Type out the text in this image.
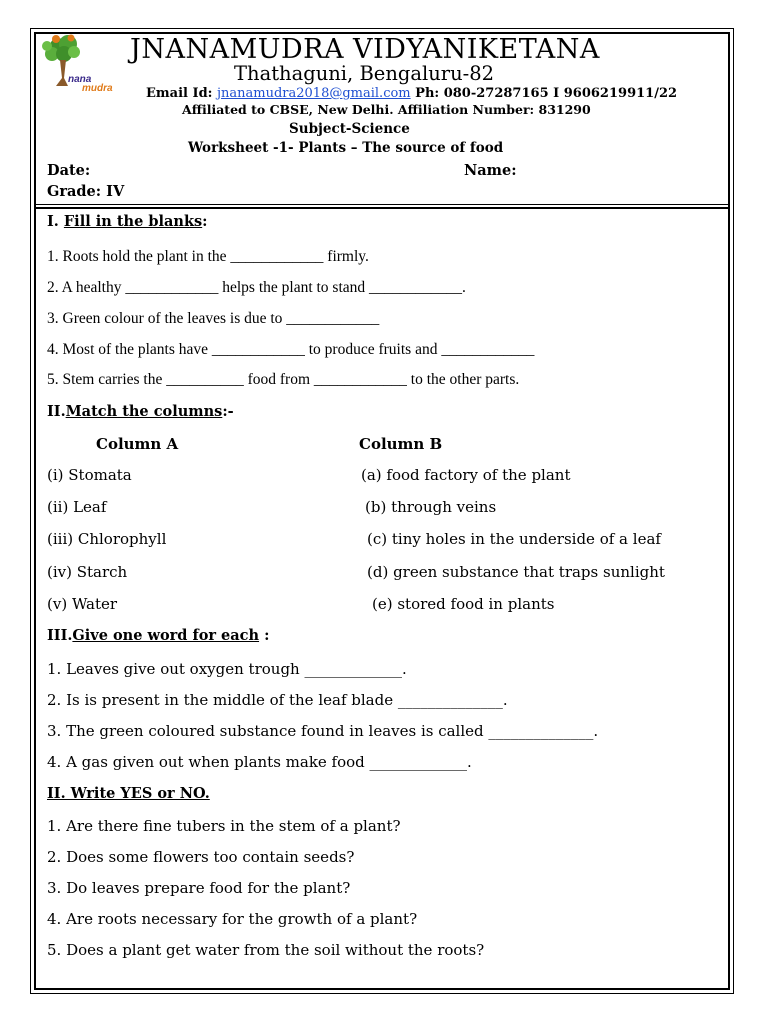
nana
mudra
JNANAMUDRA VIDYANIKETANA
Thathaguni, Bengaluru-82
Email Id: jnanamudra2018@gmail.com Ph: 080-27287165 I 9606219911/22
Affiliated to CBSE, New Delhi. Affiliation Number: 831290
Subject-Science
Worksheet -1- Plants – The source of food
Date:	Name:
Grade: IV
I. Fill in the blanks:
1. Roots hold the plant in the ____________ firmly.
2. A healthy ____________ helps the plant to stand ____________.
3. Green colour of the leaves is due to ____________
4. Most of the plants have ____________ to produce fruits and ____________
5. Stem carries the __________ food from ____________ to the other parts.
II.Match the columns:-
Column A	Column B
(i) Stomata
(ii) Leaf
(iii) Chlorophyll
(iv) Starch
(v) Water
(a) food factory of the plant
(b) through veins
(c) tiny holes in the underside of a leaf
(d) green substance that traps sunlight
(e) stored food in plants
III.Give one word for each :
1. Leaves give out oxygen trough _____________.
2. Is is present in the middle of the leaf blade ______________.
3. The green coloured substance found in leaves is called ______________.
4. A gas given out when plants make food _____________.
II. Write YES or NO.
1. Are there fine tubers in the stem of a plant?
2. Does some flowers too contain seeds?
3. Do leaves prepare food for the plant?
4. Are roots necessary for the growth of a plant?
5. Does a plant get water from the soil without the roots?
